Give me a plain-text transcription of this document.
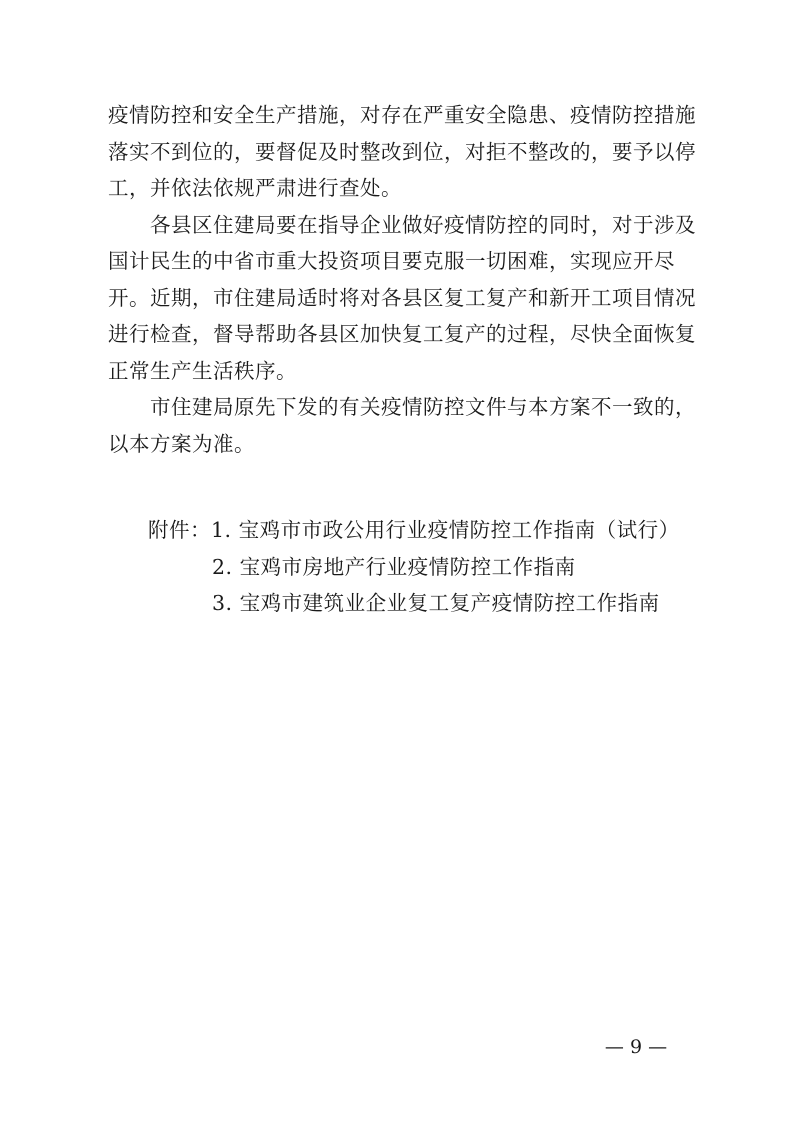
疫情防控和安全生产措施，对存在严重安全隐患、疫情防控措施
落实不到位的，要督促及时整改到位，对拒不整改的，要予以停
工，并依法依规严肃进行查处。

　　各县区住建局要在指导企业做好疫情防控的同时，对于涉及
国计民生的中省市重大投资项目要克服一切困难，实现应开尽
开。近期，市住建局适时将对各县区复工复产和新开工项目情况
进行检查，督导帮助各县区加快复工复产的过程，尽快全面恢复
正常生产生活秩序。

　　市住建局原先下发的有关疫情防控文件与本方案不一致的，
以本方案为准。

附件：1. 宝鸡市市政公用行业疫情防控工作指南（试行）
2. 宝鸡市房地产行业疫情防控工作指南
3. 宝鸡市建筑业企业复工复产疫情防控工作指南
— 9 —
